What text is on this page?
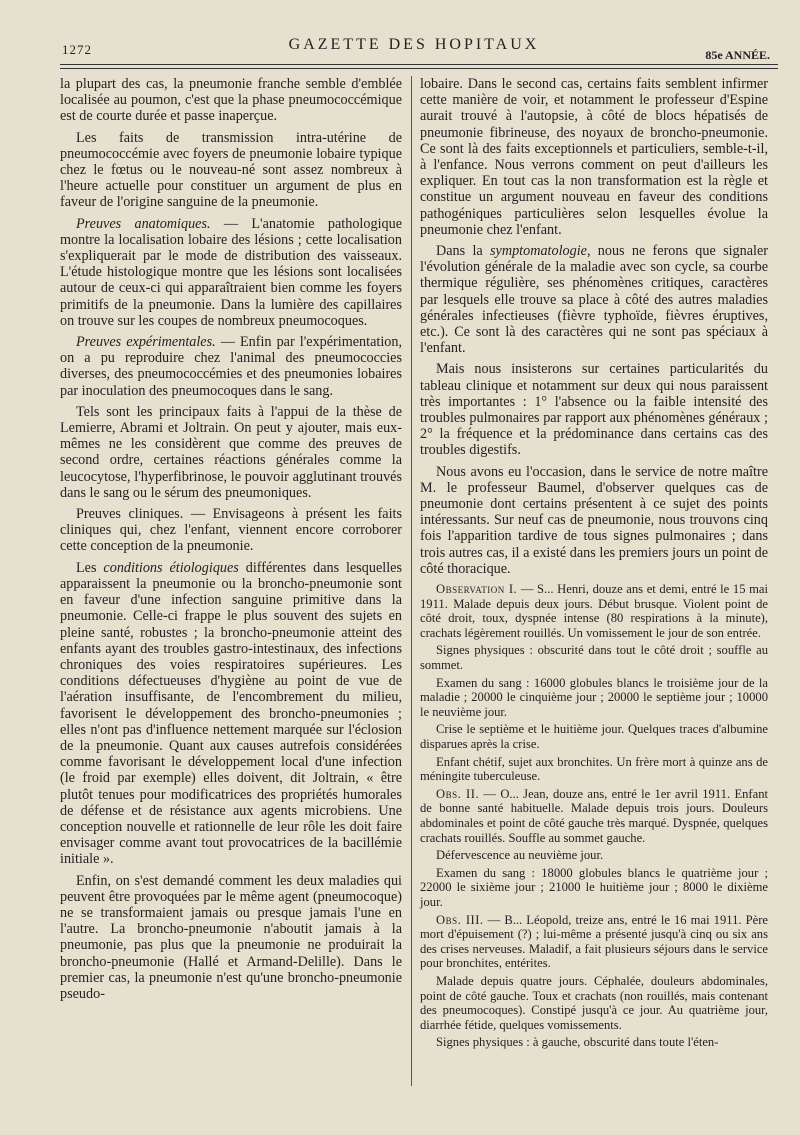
1272	GAZETTE DES HOPITAUX
85e ANNÉE.

la plupart des cas, la pneumonie franche semble d'emblée localisée au poumon, c'est que la phase pneumococcémique est de courte durée et passe inaperçue.

Les faits de transmission intra-utérine de pneumococcémie avec foyers de pneumonie lobaire typique chez le fœtus ou le nouveau-né sont assez nombreux à l'heure actuelle pour constituer un argument de plus en faveur de l'origine sanguine de la pneumonie.

Preuves anatomiques. — L'anatomie pathologique montre la localisation lobaire des lésions ; cette localisation s'expliquerait par le mode de distribution des vaisseaux. L'étude histologique montre que les lésions sont localisées autour de ceux-ci qui apparaîtraient bien comme les foyers primitifs de la pneumonie. Dans la lumière des capillaires on trouve sur les coupes de nombreux pneumocoques.

Preuves expérimentales. — Enfin par l'expérimentation, on a pu reproduire chez l'animal des pneumococcies diverses, des pneumococcémies et des pneumonies lobaires par inoculation des pneumocoques dans le sang.

Tels sont les principaux faits à l'appui de la thèse de Lemierre, Abrami et Joltrain. On peut y ajouter, mais eux-mêmes ne les considèrent que comme des preuves de second ordre, certaines réactions générales comme la leucocytose, l'hyperfibrinose, le pouvoir agglutinant trouvés dans le sang ou le sérum des pneumoniques.

Preuves cliniques. — Envisageons à présent les faits cliniques qui, chez l'enfant, viennent encore corroborer cette conception de la pneumonie.

Les conditions étiologiques différentes dans lesquelles apparaissent la pneumonie ou la broncho-pneumonie sont en faveur d'une infection sanguine primitive dans la pneumonie. Celle-ci frappe le plus souvent des sujets en pleine santé, robustes ; la broncho-pneumonie atteint des enfants ayant des troubles gastro-intestinaux, des infections chroniques des voies respiratoires supérieures. Les conditions défectueuses d'hygiène au point de vue de l'aération insuffisante, de l'encombrement du milieu, favorisent le développement des broncho-pneumonies ; elles n'ont pas d'influence nettement marquée sur l'éclosion de la pneumonie. Quant aux causes autrefois considérées comme favorisant le développement local d'une infection (le froid par exemple) elles doivent, dit Joltrain, « être plutôt tenues pour modificatrices des propriétés humorales de défense et de résistance aux agents microbiens. Une conception nouvelle et rationnelle de leur rôle les doit faire envisager comme avant tout provocatrices de la bacillémie initiale ».

Enfin, on s'est demandé comment les deux maladies qui peuvent être provoquées par le même agent (pneumocoque) ne se transformaient jamais ou presque jamais l'une en l'autre. La broncho-pneumonie n'aboutit jamais à la pneumonie, pas plus que la pneumonie ne produirait la broncho-pneumonie (Hallé et Armand-Delille). Dans le premier cas, la pneumonie n'est qu'une broncho-pneumonie pseudo-

lobaire. Dans le second cas, certains faits semblent infirmer cette manière de voir, et notamment le professeur d'Espine aurait trouvé à l'autopsie, à côté de blocs hépatisés de pneumonie fibrineuse, des noyaux de broncho-pneumonie. Ce sont là des faits exceptionnels et particuliers, semble-t-il, à l'enfance. Nous verrons comment on peut d'ailleurs les expliquer. En tout cas la non transformation est la règle et constitue un argument nouveau en faveur des conditions pathogéniques particulières selon lesquelles évolue la pneumonie chez l'enfant.

Dans la symptomatologie, nous ne ferons que signaler l'évolution générale de la maladie avec son cycle, sa courbe thermique régulière, ses phénomènes critiques, caractères par lesquels elle trouve sa place à côté des autres maladies générales infectieuses (fièvre typhoïde, fièvres éruptives, etc.). Ce sont là des caractères qui ne sont pas spéciaux à l'enfant.

Mais nous insisterons sur certaines particularités du tableau clinique et notamment sur deux qui nous paraissent très importantes : 1° l'absence ou la faible intensité des troubles pulmonaires par rapport aux phénomènes généraux ; 2° la fréquence et la prédominance dans certains cas des troubles digestifs.

Nous avons eu l'occasion, dans le service de notre maître M. le professeur Baumel, d'observer quelques cas de pneumonie dont certains présentent à ce sujet des points intéressants. Sur neuf cas de pneumonie, nous trouvons cinq fois l'apparition tardive de tous signes pulmonaires ; dans trois autres cas, il a existé dans les premiers jours un point de côté thoracique.

Observation I. — S... Henri, douze ans et demi, entré le 15 mai 1911. Malade depuis deux jours. Début brusque. Violent point de côté droit, toux, dyspnée intense (80 respirations à la minute), crachats légèrement rouillés. Un vomissement le jour de son entrée.

Signes physiques : obscurité dans tout le côté droit ; souffle au sommet.

Examen du sang : 16000 globules blancs le troisième jour de la maladie ; 20000 le cinquième jour ; 20000 le septième jour ; 10000 le neuvième jour.

Crise le septième et le huitième jour. Quelques traces d'albumine disparues après la crise.

Enfant chétif, sujet aux bronchites. Un frère mort à quinze ans de méningite tuberculeuse.

Obs. II. — O... Jean, douze ans, entré le 1er avril 1911. Enfant de bonne santé habituelle. Malade depuis trois jours. Douleurs abdominales et point de côté gauche très marqué. Dyspnée, quelques crachats rouillés. Souffle au sommet gauche.

Défervescence au neuvième jour.

Examen du sang : 18000 globules blancs le quatrième jour ; 22000 le sixième jour ; 21000 le huitième jour ; 8000 le dixième jour.

Obs. III. — B... Léopold, treize ans, entré le 16 mai 1911. Père mort d'épuisement (?) ; lui-même a présenté jusqu'à cinq ou six ans des crises nerveuses. Maladif, a fait plusieurs séjours dans le service pour bronchites, entérites.

Malade depuis quatre jours. Céphalée, douleurs abdominales, point de côté gauche. Toux et crachats (non rouillés, mais contenant des pneumocoques). Constipé jusqu'à ce jour. Au quatrième jour, diarrhée fétide, quelques vomissements.

Signes physiques : à gauche, obscurité dans toute l'éten-
